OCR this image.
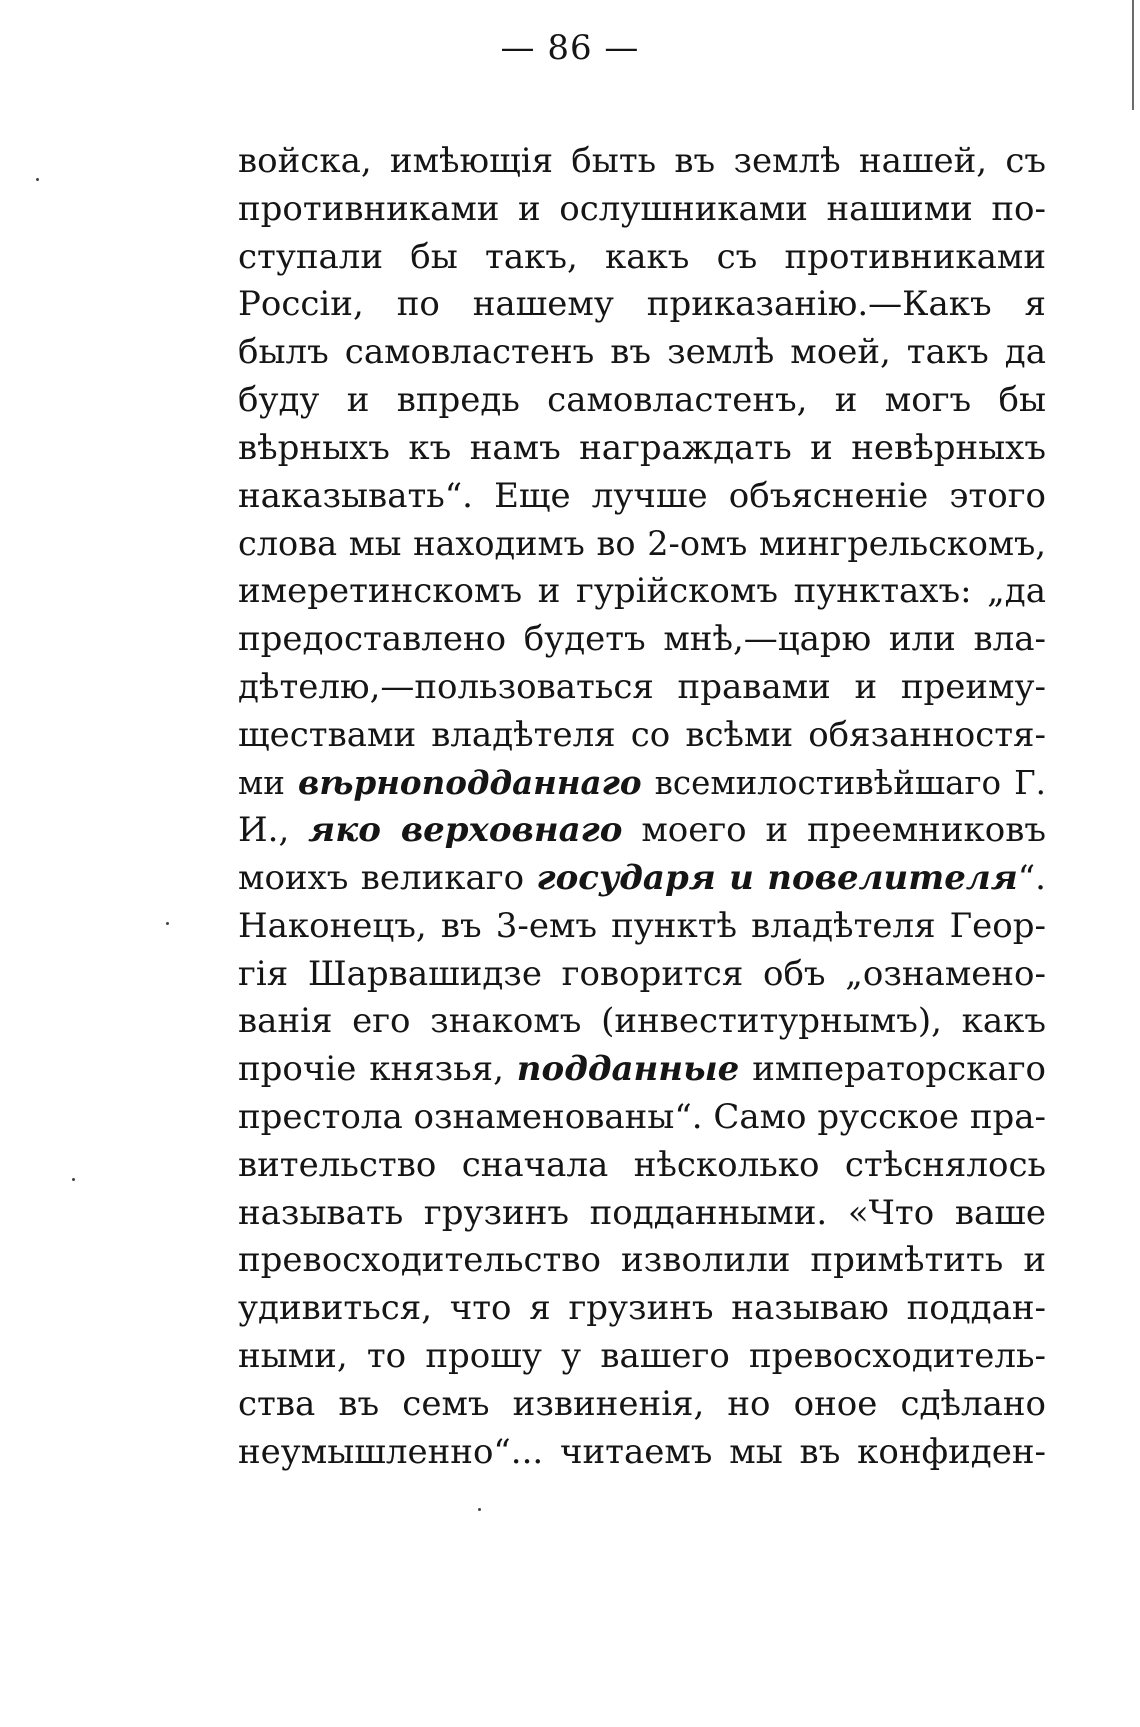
— 86 —
войска, имѣющія быть въ землѣ нашей, съ
противниками и ослушниками нашими по-
ступали бы такъ, какъ съ противниками
Россіи, по нашему приказанію.—Какъ я
былъ самовластенъ въ землѣ моей, такъ да
буду и впредь самовластенъ, и могъ бы
вѣрныхъ къ намъ награждать и невѣрныхъ
наказывать“. Еще лучше объясненіе этого
слова мы находимъ во 2-омъ мингрельскомъ,
имеретинскомъ и гурійскомъ пунктахъ: „да
предоставлено будетъ мнѣ,—царю или вла-
дѣтелю,—пользоваться правами и преиму-
ществами владѣтеля со всѣми обязанностя-
ми вѣрноподданнаго всемилостивѣйшаго Г.
И., яко верховнаго моего и преемниковъ
моихъ великаго государя и повелителя“.
Наконецъ, въ 3-емъ пунктѣ владѣтеля Геор-
гія Шарвашидзе говорится объ „ознамено-
ванія его знакомъ (инвеститурнымъ), какъ
прочіе князья, подданные императорскаго
престола ознаменованы“. Само русское пра-
вительство сначала нѣсколько стѣснялось
называть грузинъ подданными. «Что ваше
превосходительство изволили примѣтить и
удивиться, что я грузинъ называю поддан-
ными, то прошу у вашего превосходитель-
ства въ семъ извиненія, но оное сдѣлано
неумышленно“... читаемъ мы въ конфиден-
